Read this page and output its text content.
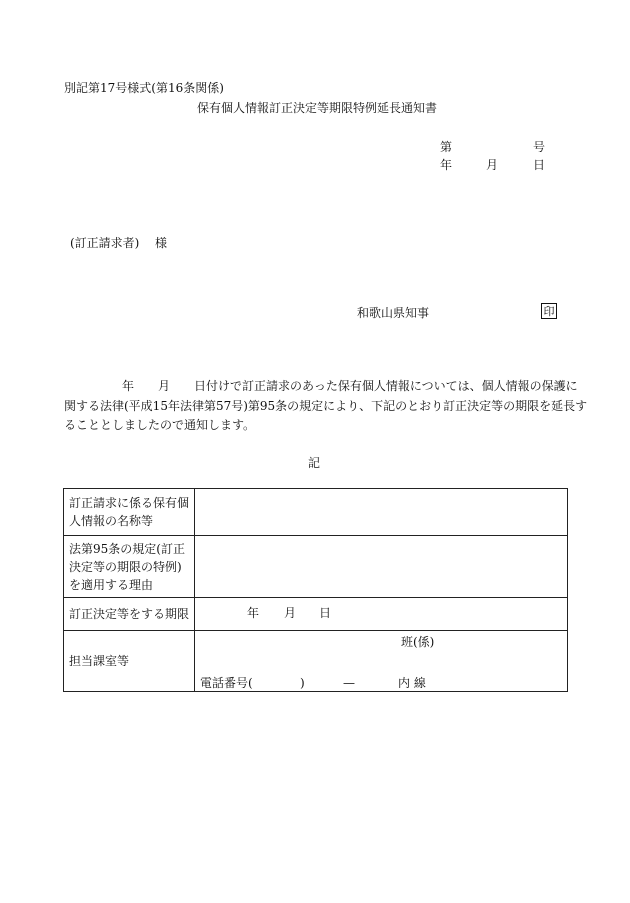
別記第17号様式(第16条関係)
保有個人情報訂正決定等期限特例延長通知書
第	号
年	月	日
(訂正請求者) 様
和歌山県知事	印
年 月 日付けで訂正請求のあった保有個人情報については、個人情報の保護に
関する法律(平成15年法律第57号)第95条の規定により、下記のとおり訂正決定等の期限を延長す
ることとしましたので通知します。
記
訂正請求に係る保有個
人情報の名称等	

法第95条の規定(訂正
決定等の期限の特例)
を適用する理由	

訂正決定等をする期限	年 月 日

担当課室等	班(係)
電話番号( ) — 内 線
